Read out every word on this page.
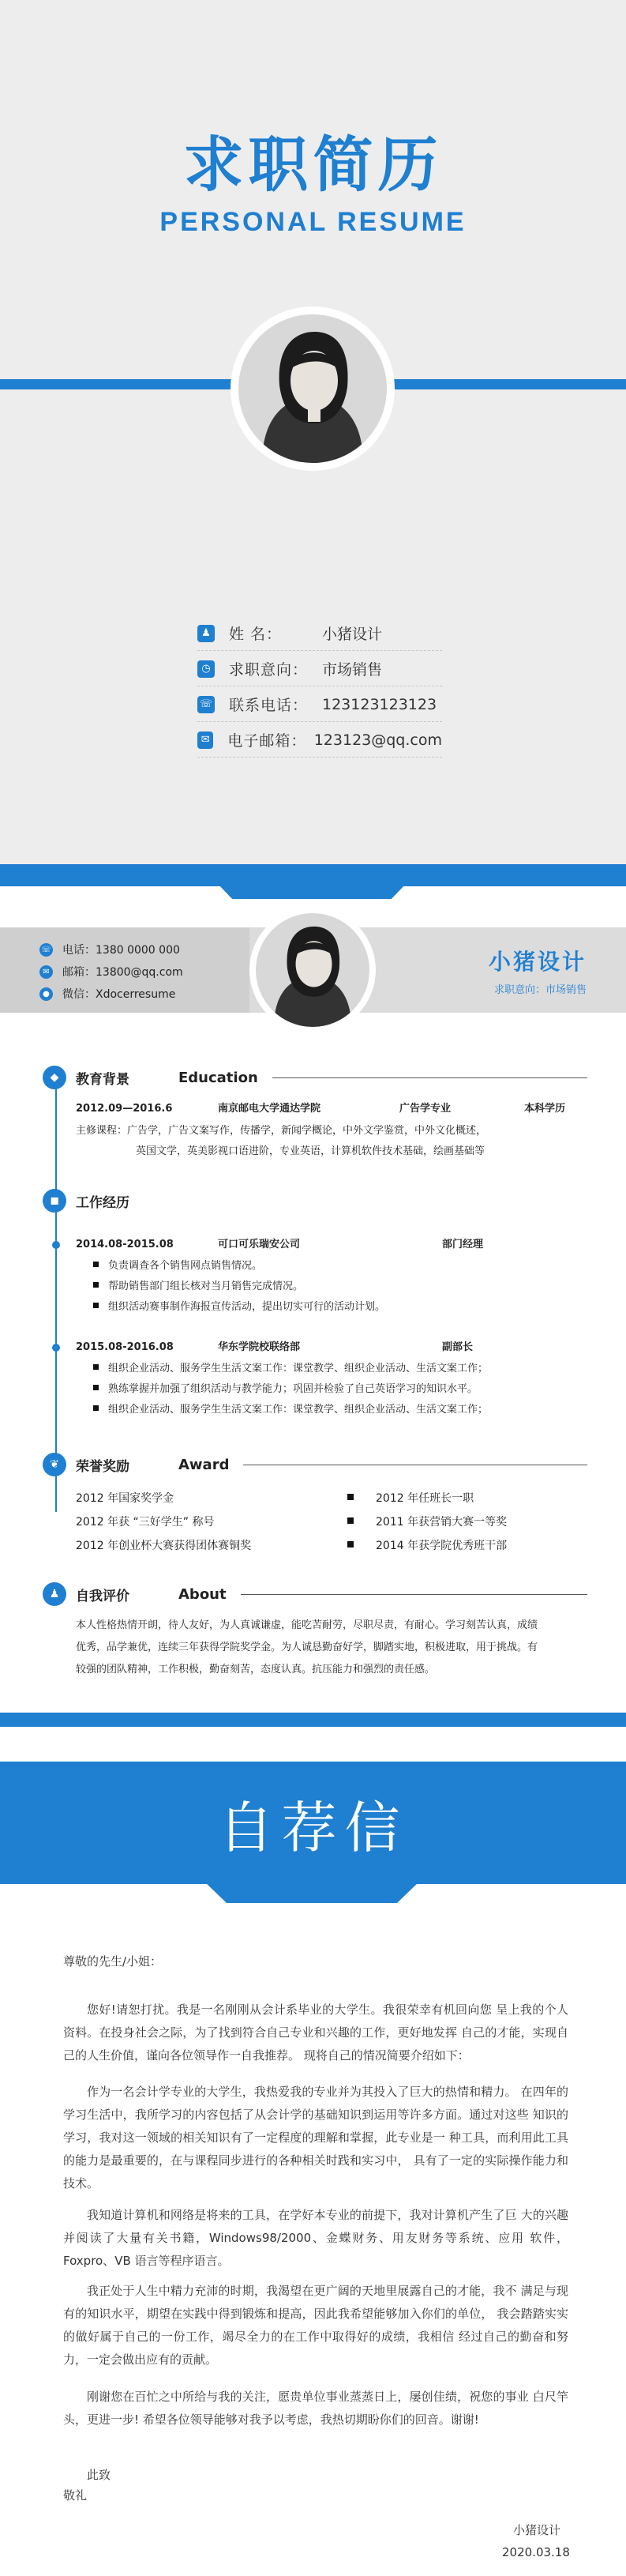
求职简历
PERSONAL RESUME
♟ 姓 名：	小猪设计
◷ 求职意向： 市场销售
☏ 联系电话： 123123123123
✉ 电子邮箱： 123123@qq.com
☏ 电话：1380 0000 000
✉	邮箱：13800@qq.com
● 微信：Xdocerresume
小猪设计
求职意向：市场销售
◆	教育背景	Education
2012.09—2016.6	南京邮电大学通达学院	广告学专业	本科学历
主修课程：广告学，广告文案写作，传播学，新闻学概论，中外文学鉴赏，中外文化概述，
英国文学，英美影视口语进阶，专业英语，计算机软件技术基础，绘画基础等
◼	工作经历
2014.08-2015.08	可口可乐瑞安公司	部门经理
负责调查各个销售网点销售情况。
帮助销售部门组长核对当月销售完成情况。
组织活动赛事制作海报宣传活动，提出切实可行的活动计划。
2015.08-2016.08	华东学院校联络部	副部长
组织企业活动、服务学生生活文案工作：课堂教学、组织企业活动、生活文案工作；
熟练掌握并加强了组织活动与教学能力；巩固并检验了自己英语学习的知识水平。
组织企业活动、服务学生生活文案工作：课堂教学、组织企业活动、生活文案工作；
❦	荣誉奖励	Award
2012 年国家奖学金
2012 年获 “三好学生” 称号
2012 年创业杯大赛获得团体赛铜奖
2012 年任班长一职
2011 年获营销大赛一等奖
2014 年获学院优秀班干部
♟	自我评价	About
本人性格热情开朗，待人友好，为人真诚谦虚，能吃苦耐劳，尽职尽责，有耐心。学习刻苦认真，成绩
优秀，品学兼优，连续三年获得学院奖学金。为人诚恳勤奋好学，脚踏实地，积极进取，用于挑战。有
较强的团队精神，工作积极，勤奋刻苦，态度认真。抗压能力和强烈的责任感。
自荐信
尊敬的先生/小姐：
您好!请恕打扰。我是一名刚刚从会计系毕业的大学生。我很荣幸有机回向您 呈上我的个人资料。在投身社会之际，为了找到符合自己专业和兴趣的工作，更好地发挥 自己的才能，实现自己的人生价值，谨向各位领导作一自我推荐。 现将自己的情况简要介绍如下：
作为一名会计学专业的大学生，我热爱我的专业并为其投入了巨大的热情和精力。 在四年的学习生活中，我所学习的内容包括了从会计学的基础知识到运用等许多方面。通过对这些 知识的学习，我对这一领域的相关知识有了一定程度的理解和掌握，此专业是一 种工具，而利用此工具的能力是最重要的，在与课程同步进行的各种相关时践和实习中， 具有了一定的实际操作能力和技术。
我知道计算机和网络是将来的工具，在学好本专业的前提下，我对计算机产生了巨 大的兴趣并阅读了大量有关书籍，Windows98/2000、金蝶财务、用友财务等系统、应用 软件，Foxpro、VB 语言等程序语言。
我正处于人生中精力充沛的时期，我渴望在更广阔的天地里展露自己的才能，我不 满足与现有的知识水平，期望在实践中得到锻炼和提高，因此我希望能够加入你们的单位， 我会踏踏实实的做好属于自己的一份工作，竭尽全力的在工作中取得好的成绩，我相信 经过自己的勤奋和努力，一定会做出应有的贡献。
刚谢您在百忙之中所给与我的关注，愿贵单位事业蒸蒸日上，屡创佳绩，祝您的事业 白尺竿头，更进一步! 希望各位领导能够对我予以考虑，我热切期盼你们的回音。谢谢!
此致
敬礼
小猪设计
2020.03.18
